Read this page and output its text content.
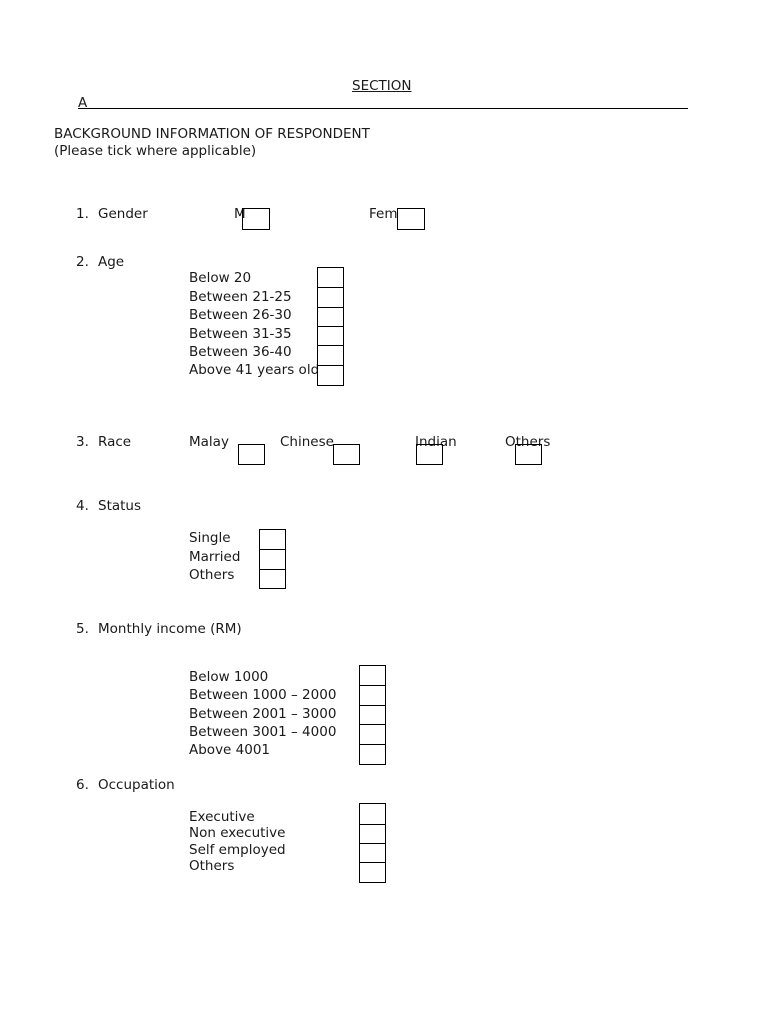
SECTION
A
BACKGROUND INFORMATION OF RESPONDENT
(Please tick where applicable)
1. Gender	M	Fem
2. Age
Below 20
Between 21-25
Between 26-30
Between 31-35
Between 36-40
Above 41 years old
3. Race	Malay	Chinese	Indian	Others
4. Status
Single
Married
Others
5. Monthly income (RM)
Below 1000
Between 1000 – 2000
Between 2001 – 3000
Between 3001 – 4000
Above 4001
6. Occupation
Executive
Non executive
Self employed
Others
